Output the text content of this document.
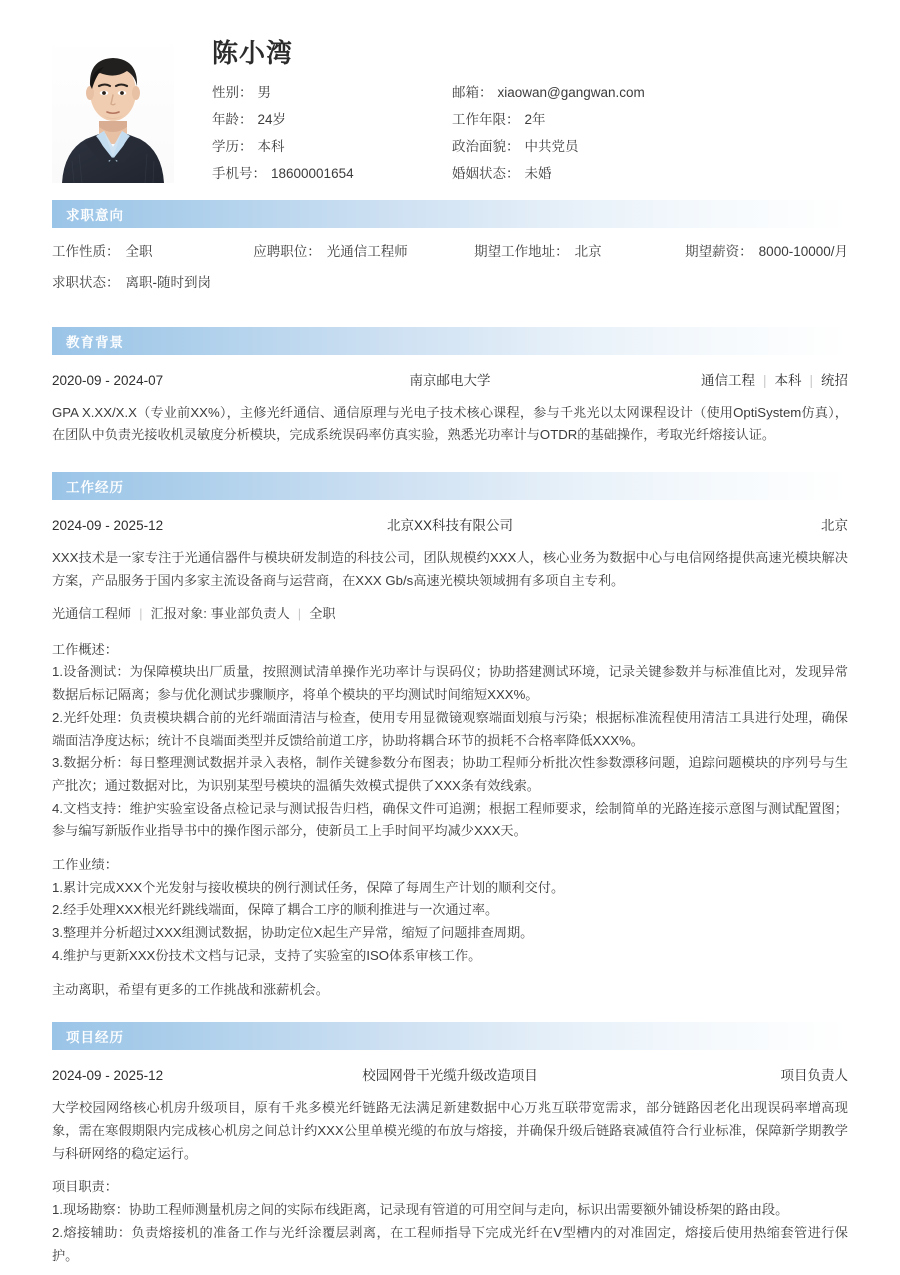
陈小湾
性别： 男	邮箱： xiaowan@gangwan.com
年龄： 24岁	工作年限： 2年
学历： 本科	政治面貌： 中共党员
手机号： 18600001654	婚姻状态： 未婚
求职意向
工作性质： 全职	应聘职位： 光通信工程师	期望工作地址： 北京	期望薪资： 8000-10000/月
求职状态： 离职-随时到岗
教育背景
2020-09 - 2024-07	南京邮电大学	通信工程 | 本科 | 统招

GPA X.XX/X.X（专业前XX%），主修光纤通信、通信原理与光电子技术核心课程，参与千兆光以太网课程设计（使用OptiSystem仿真），在团队中负责光接收机灵敏度分析模块，完成系统误码率仿真实验，熟悉光功率计与OTDR的基础操作，考取光纤熔接认证。

工作经历
2024-09 - 2025-12	北京XX科技有限公司	北京

XXX技术是一家专注于光通信器件与模块研发制造的科技公司，团队规模约XXX人，核心业务为数据中心与电信网络提供高速光模块解决方案，产品服务于国内多家主流设备商与运营商，在XXX Gb/s高速光模块领域拥有多项自主专利。

光通信工程师 | 汇报对象: 事业部负责人 | 全职
工作概述：
1.设备测试：为保障模块出厂质量，按照测试清单操作光功率计与误码仪；协助搭建测试环境，记录关键参数并与标准值比对，发现异常数据后标记隔离；参与优化测试步骤顺序，将单个模块的平均测试时间缩短XXX%。
2.光纤处理：负责模块耦合前的光纤端面清洁与检查，使用专用显微镜观察端面划痕与污染；根据标准流程使用清洁工具进行处理，确保端面洁净度达标；统计不良端面类型并反馈给前道工序，协助将耦合环节的损耗不合格率降低XXX%。
3.数据分析：每日整理测试数据并录入表格，制作关键参数分布图表；协助工程师分析批次性参数漂移问题，追踪问题模块的序列号与生产批次；通过数据对比，为识别某型号模块的温循失效模式提供了XXX条有效线索。
4.文档支持：维护实验室设备点检记录与测试报告归档，确保文件可追溯；根据工程师要求，绘制简单的光路连接示意图与测试配置图；参与编写新版作业指导书中的操作图示部分，使新员工上手时间平均减少XXX天。
工作业绩：
1.累计完成XXX个光发射与接收模块的例行测试任务，保障了每周生产计划的顺利交付。
2.经手处理XXX根光纤跳线端面，保障了耦合工序的顺利推进与一次通过率。
3.整理并分析超过XXX组测试数据，协助定位X起生产异常，缩短了问题排查周期。
4.维护与更新XXX份技术文档与记录，支持了实验室的ISO体系审核工作。

主动离职，希望有更多的工作挑战和涨薪机会。

项目经历
2024-09 - 2025-12	校园网骨干光缆升级改造项目	项目负责人

大学校园网络核心机房升级项目，原有千兆多模光纤链路无法满足新建数据中心万兆互联带宽需求，部分链路因老化出现误码率增高现象，需在寒假期限内完成核心机房之间总计约XXX公里单模光缆的布放与熔接，并确保升级后链路衰减值符合行业标准，保障新学期教学与科研网络的稳定运行。

项目职责：
1.现场勘察：协助工程师测量机房之间的实际布线距离，记录现有管道的可用空间与走向，标识出需要额外铺设桥架的路由段。
2.熔接辅助：负责熔接机的准备工作与光纤涂覆层剥离，在工程师指导下完成光纤在V型槽内的对准固定，熔接后使用热缩套管进行保护。
